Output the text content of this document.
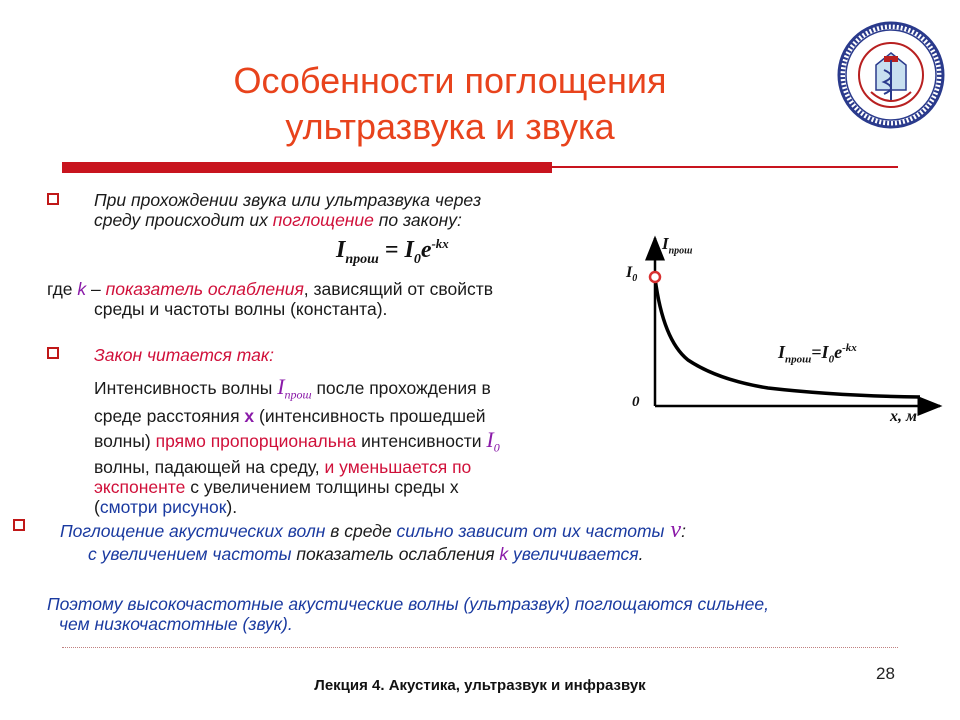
Особенности поглощения
ультразвука и звука
При прохождении звука или ультразвука через
среду происходит их поглощение по закону:
$I_{прош} = I_0e^{-kx}$
где k – показатель ослабления, зависящий от свойств
среды и частоты волны (константа).
Закон читается так:
Интенсивность волны $I_{прош}$ после прохождения в
среде расстояния x (интенсивность прошедшей
волны) прямо пропорциональна интенсивности $I_0$
волны, падающей на среду, и уменьшается по
экспоненте с увеличением толщины среды x
(смотри рисунок).
$I_{прош}$
$I_0$
0
x, м
$I_{прош}=I_0e^{-kx}$
Поглощение акустических волн в среде сильно зависит от их частоты ν:
с увеличением частоты показатель ослабления k увеличивается.
Поэтому высокочастотные акустические волны (ультразвук) поглощаются сильнее,
чем низкочастотные (звук).
28
Лекция 4. Акустика, ультразвук и инфразвук
